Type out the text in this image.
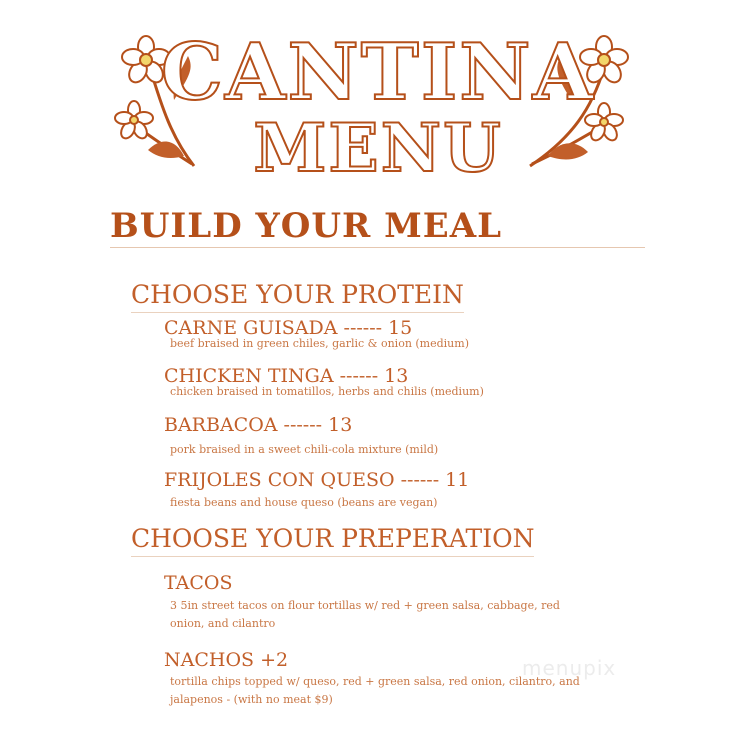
CANTINA
MENU
BUILD YOUR MEAL
CHOOSE YOUR PROTEIN
CARNE GUISADA ------ 15
beef braised in green chiles, garlic & onion (medium)
CHICKEN TINGA ------ 13
chicken braised in tomatillos, herbs and chilis (medium)
BARBACOA ------ 13
pork braised in a sweet chili-cola mixture (mild)
FRIJOLES CON QUESO ------ 11
fiesta beans and house queso (beans are vegan)
CHOOSE YOUR PREPERATION
TACOS
3 5in street tacos on flour tortillas w/ red + green salsa, cabbage, red onion, and cilantro
NACHOS +2
tortilla chips topped w/ queso, red + green salsa, red onion, cilantro, and jalapenos - (with no meat $9)
menupix
